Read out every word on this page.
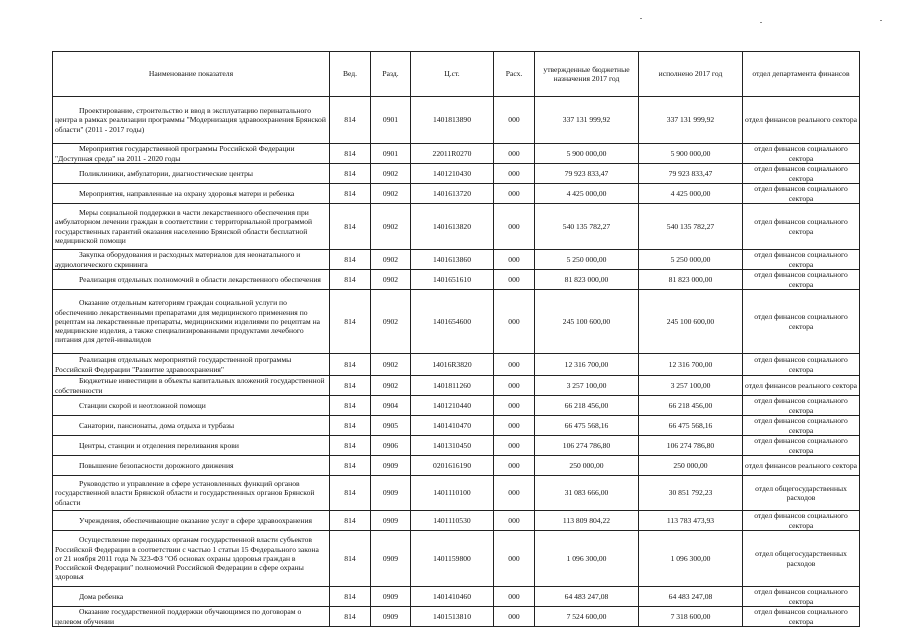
Наименование показателя	Вед.	Разд.	Ц.ст.	Расх.	утвержденные бюджетные назначения 2017 год	исполнено 2017 год	отдел департамента финансов

Проектирование, строительство и ввод в эксплуатацию перинатального центра в рамках реализации программы "Модернизация здравоохранения Брянской области" (2011 - 2017 годы)	814	0901	1401813890	000	337 131 999,92	337 131 999,92	отдел финансов реального сектора

Мероприятия государственной программы Российской Федерации "Доступная среда" на 2011 - 2020 годы	814	0901	22011R0270	000	5 900 000,00	5 900 000,00	отдел финансов социального сектора

Поликлиники, амбулатории, диагностические центры	814	0902	1401210430	000	79 923 833,47	79 923 833,47	отдел финансов социального сектора

Мероприятия, направленные на охрану здоровья матери и ребенка	814	0902	1401613720	000	4 425 000,00	4 425 000,00	отдел финансов социального сектора

Меры социальной поддержки в части лекарственного обеспечения при амбулаторном лечении граждан в соответствии с территориальной программой государственных гарантий оказания населению Брянской области бесплатной медицинской помощи	814	0902	1401613820	000	540 135 782,27	540 135 782,27	отдел финансов социального сектора

Закупка оборудования и расходных материалов для неонатального и аудиологического скрининга	814	0902	1401613860	000	5 250 000,00	5 250 000,00	отдел финансов социального сектора

Реализация отдельных полномочий в области лекарственного обеспечения	814	0902	1401651610	000	81 823 000,00	81 823 000,00	отдел финансов социального сектора

Оказание отдельным категориям граждан социальной услуги по обеспечению лекарственными препаратами для медицинского применения по рецептам на лекарственные препараты, медицинскими изделиями по рецептам на медицинские изделия, а также специализированными продуктами лечебного питания для детей-инвалидов	814	0902	1401654600	000	245 100 600,00	245 100 600,00	отдел финансов социального сектора

Реализация отдельных мероприятий государственной программы Российской Федерации "Развитие здравоохранения"	814	0902	14016R3820	000	12 316 700,00	12 316 700,00	отдел финансов социального сектора

Бюджетные инвестиции в объекты капитальных вложений государственной собственности	814	0902	1401811260	000	3 257 100,00	3 257 100,00	отдел финансов реального сектора

Станции скорой и неотложной помощи	814	0904	1401210440	000	66 218 456,00	66 218 456,00	отдел финансов социального сектора

Санатории, пансионаты, дома отдыха и турбазы	814	0905	1401410470	000	66 475 568,16	66 475 568,16	отдел финансов социального сектора

Центры, станции и отделения переливания крови	814	0906	1401310450	000	106 274 786,80	106 274 786,80	отдел финансов социального сектора

Повышение безопасности дорожного движения	814	0909	0201616190	000	250 000,00	250 000,00	отдел финансов реального сектора

Руководство и управление в сфере установленных функций органов государственной власти Брянской области и государственных органов Брянской области	814	0909	1401110100	000	31 083 666,00	30 851 792,23	отдел общегосударственных расходов

Учреждения, обеспечивающие оказание услуг в сфере здравоохранения	814	0909	1401110530	000	113 809 804,22	113 783 473,93	отдел финансов социального сектора

Осуществление переданных органам государственной власти субъектов Российской Федерации в соответствии с частью 1 статьи 15 Федерального закона от 21 ноября 2011 года № 323-ФЗ "Об основах охраны здоровья граждан в Российской Федерации" полномочий Российской Федерации в сфере охраны здоровья	814	0909	1401159800	000	1 096 300,00	1 096 300,00	отдел общегосударственных расходов

Дома ребенка	814	0909	1401410460	000	64 483 247,08	64 483 247,08	отдел финансов социального сектора

Оказание государственной поддержки обучающимся по договорам о целевом обучении	814	0909	1401513810	000	7 524 600,00	7 318 600,00	отдел финансов социального сектора
